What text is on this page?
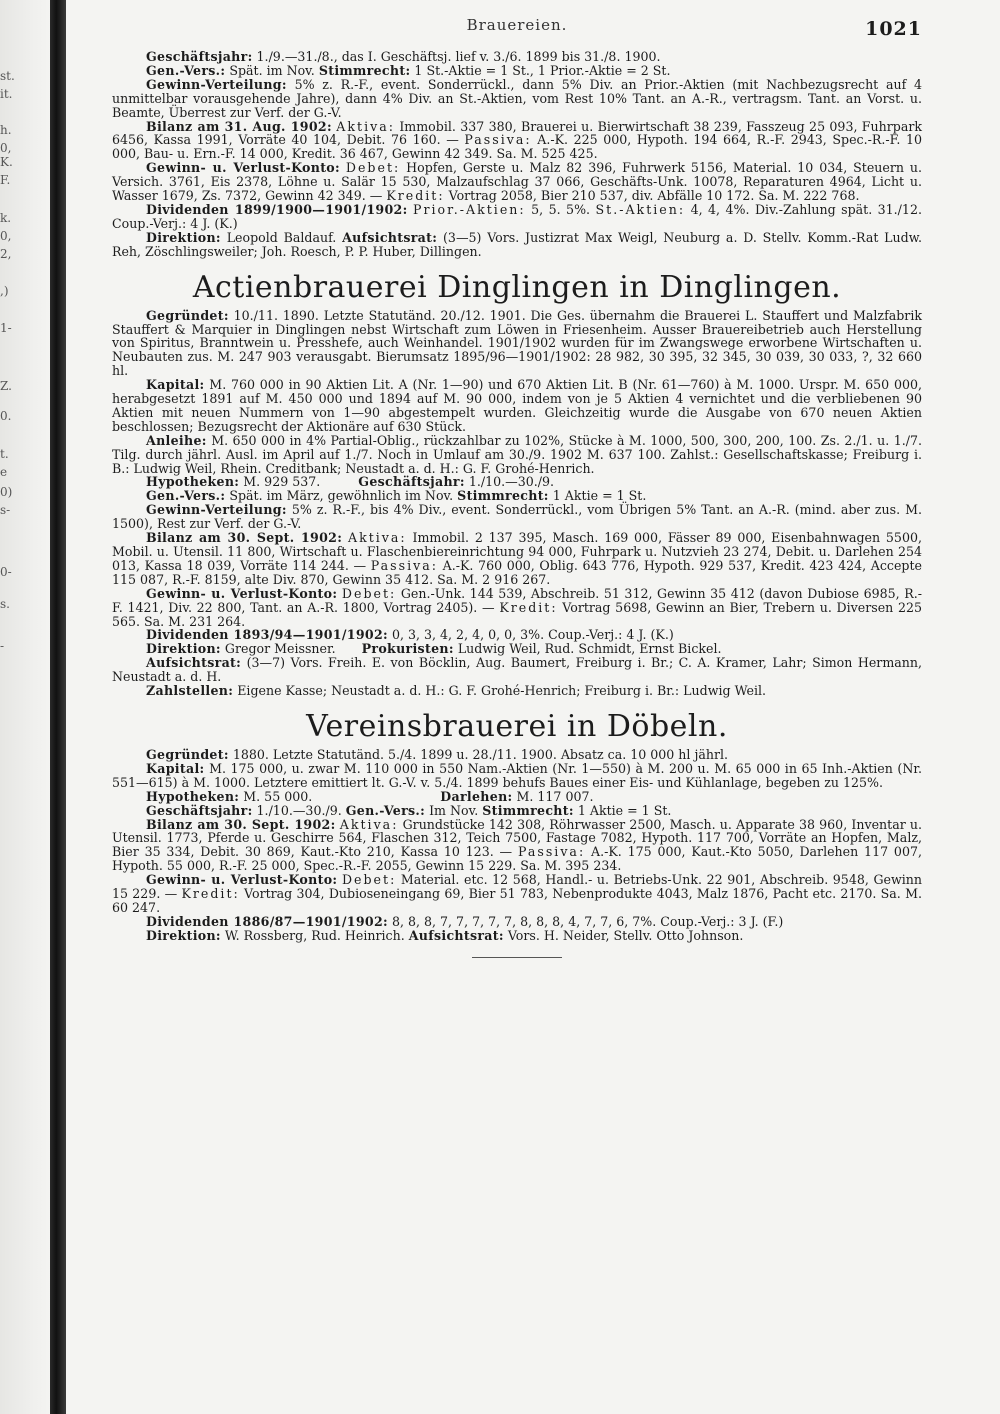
st.
it.
h.
0,
K.
F.
k.
0,
2,
,)
1-
Z.
0.
t.
e
0)
s-
0-
s.
-
Brauereien.	1021

Geschäftsjahr: 1./9.—31./8., das I. Geschäftsj. lief v. 3./6. 1899 bis 31./8. 1900.

Gen.-Vers.: Spät. im Nov. Stimmrecht: 1 St.-Aktie = 1 St., 1 Prior.-Aktie = 2 St.

Gewinn-Verteilung: 5% z. R.-F., event. Sonderrückl., dann 5% Div. an Prior.-Aktien (mit Nachbezugsrecht auf 4 unmittelbar vorausgehende Jahre), dann 4% Div. an St.-Aktien, vom Rest 10% Tant. an A.-R., vertragsm. Tant. an Vorst. u. Beamte, Überrest zur Verf. der G.-V.

Bilanz am 31. Aug. 1902: Aktiva: Immobil. 337 380, Brauerei u. Bierwirtschaft 38 239, Fasszeug 25 093, Fuhrpark 6456, Kassa 1991, Vorräte 40 104, Debit. 76 160. — Passiva: A.-K. 225 000, Hypoth. 194 664, R.-F. 2943, Spec.-R.-F. 10 000, Bau- u. Ern.-F. 14 000, Kredit. 36 467, Gewinn 42 349. Sa. M. 525 425.

Gewinn- u. Verlust-Konto: Debet: Hopfen, Gerste u. Malz 82 396, Fuhrwerk 5156, Material. 10 034, Steuern u. Versich. 3761, Eis 2378, Löhne u. Salär 15 530, Malzaufschlag 37 066, Geschäfts-Unk. 10078, Reparaturen 4964, Licht u. Wasser 1679, Zs. 7372, Gewinn 42 349. — Kredit: Vortrag 2058, Bier 210 537, div. Abfälle 10 172. Sa. M. 222 768.

Dividenden 1899/1900—1901/1902: Prior.-Aktien: 5, 5. 5%. St.-Aktien: 4, 4, 4%. Div.-Zahlung spät. 31./12. Coup.-Verj.: 4 J. (K.)

Direktion: Leopold Baldauf. Aufsichtsrat: (3—5) Vors. Justizrat Max Weigl, Neuburg a. D. Stellv. Komm.-Rat Ludw. Reh, Zöschlingsweiler; Joh. Roesch, P. P. Huber, Dillingen.

Actienbrauerei Dinglingen in Dinglingen.

Gegründet: 10./11. 1890. Letzte Statutänd. 20./12. 1901. Die Ges. übernahm die Brauerei L. Stauffert und Malzfabrik Stauffert & Marquier in Dinglingen nebst Wirtschaft zum Löwen in Friesenheim. Ausser Brauereibetrieb auch Herstellung von Spiritus, Branntwein u. Presshefe, auch Weinhandel. 1901/1902 wurden für im Zwangswege erworbene Wirtschaften u. Neubauten zus. M. 247 903 verausgabt. Bierumsatz 1895/96—1901/1902: 28 982, 30 395, 32 345, 30 039, 30 033, ?, 32 660 hl.

Kapital: M. 760 000 in 90 Aktien Lit. A (Nr. 1—90) und 670 Aktien Lit. B (Nr. 61—760) à M. 1000. Urspr. M. 650 000, herabgesetzt 1891 auf M. 450 000 und 1894 auf M. 90 000, indem von je 5 Aktien 4 vernichtet und die verbliebenen 90 Aktien mit neuen Nummern von 1—90 abgestempelt wurden. Gleichzeitig wurde die Ausgabe von 670 neuen Aktien beschlossen; Bezugsrecht der Aktionäre auf 630 Stück.

Anleihe: M. 650 000 in 4% Partial-Oblig., rückzahlbar zu 102%, Stücke à M. 1000, 500, 300, 200, 100. Zs. 2./1. u. 1./7. Tilg. durch jährl. Ausl. im April auf 1./7. Noch in Umlauf am 30./9. 1902 M. 637 100. Zahlst.: Gesellschaftskasse; Freiburg i. B.: Ludwig Weil, Rhein. Creditbank; Neustadt a. d. H.: G. F. Grohé-Henrich.

Hypotheken: M. 929 537.	Geschäftsjahr: 1./10.—30./9.

Gen.-Vers.: Spät. im März, gewöhnlich im Nov. Stimmrecht: 1 Aktie = 1 St.

Gewinn-Verteilung: 5% z. R.-F., bis 4% Div., event. Sonderrückl., vom Übrigen 5% Tant. an A.-R. (mind. aber zus. M. 1500), Rest zur Verf. der G.-V.

Bilanz am 30. Sept. 1902: Aktiva: Immobil. 2 137 395, Masch. 169 000, Fässer 89 000, Eisenbahnwagen 5500, Mobil. u. Utensil. 11 800, Wirtschaft u. Flaschenbiereinrichtung 94 000, Fuhrpark u. Nutzvieh 23 274, Debit. u. Darlehen 254 013, Kassa 18 039, Vorräte 114 244. — Passiva: A.-K. 760 000, Oblig. 643 776, Hypoth. 929 537, Kredit. 423 424, Accepte 115 087, R.-F. 8159, alte Div. 870, Gewinn 35 412. Sa. M. 2 916 267.

Gewinn- u. Verlust-Konto: Debet: Gen.-Unk. 144 539, Abschreib. 51 312, Gewinn 35 412 (davon Dubiose 6985, R.-F. 1421, Div. 22 800, Tant. an A.-R. 1800, Vortrag 2405). — Kredit: Vortrag 5698, Gewinn an Bier, Trebern u. Diversen 225 565. Sa. M. 231 264.

Dividenden 1893/94—1901/1902: 0, 3, 3, 4, 2, 4, 0, 0, 3%. Coup.-Verj.: 4 J. (K.)

Direktion: Gregor Meissner. Prokuristen: Ludwig Weil, Rud. Schmidt, Ernst Bickel.

Aufsichtsrat: (3—7) Vors. Freih. E. von Böcklin, Aug. Baumert, Freiburg i. Br.; C. A. Kramer, Lahr; Simon Hermann, Neustadt a. d. H.

Zahlstellen: Eigene Kasse; Neustadt a. d. H.: G. F. Grohé-Henrich; Freiburg i. Br.: Ludwig Weil.

Vereinsbrauerei in Döbeln.

Gegründet: 1880. Letzte Statutänd. 5./4. 1899 u. 28./11. 1900. Absatz ca. 10 000 hl jährl.

Kapital: M. 175 000, u. zwar M. 110 000 in 550 Nam.-Aktien (Nr. 1—550) à M. 200 u. M. 65 000 in 65 Inh.-Aktien (Nr. 551—615) à M. 1000. Letztere emittiert lt. G.-V. v. 5./4. 1899 behufs Baues einer Eis- und Kühlanlage, begeben zu 125%.

Hypotheken: M. 55 000.	Darlehen: M. 117 007.

Geschäftsjahr: 1./10.—30./9. Gen.-Vers.: Im Nov. Stimmrecht: 1 Aktie = 1 St.

Bilanz am 30. Sept. 1902: Aktiva: Grundstücke 142 308, Röhrwasser 2500, Masch. u. Apparate 38 960, Inventar u. Utensil. 1773, Pferde u. Geschirre 564, Flaschen 312, Teich 7500, Fastage 7082, Hypoth. 117 700, Vorräte an Hopfen, Malz, Bier 35 334, Debit. 30 869, Kaut.-Kto 210, Kassa 10 123. — Passiva: A.-K. 175 000, Kaut.-Kto 5050, Darlehen 117 007, Hypoth. 55 000, R.-F. 25 000, Spec.-R.-F. 2055, Gewinn 15 229. Sa. M. 395 234.

Gewinn- u. Verlust-Konto: Debet: Material. etc. 12 568, Handl.- u. Betriebs-Unk. 22 901, Abschreib. 9548, Gewinn 15 229. — Kredit: Vortrag 304, Dubioseneingang 69, Bier 51 783, Nebenprodukte 4043, Malz 1876, Pacht etc. 2170. Sa. M. 60 247.

Dividenden 1886/87—1901/1902: 8, 8, 8, 7, 7, 7, 7, 7, 8, 8, 8, 4, 7, 7, 6, 7%. Coup.-Verj.: 3 J. (F.)

Direktion: W. Rossberg, Rud. Heinrich. Aufsichtsrat: Vors. H. Neider, Stellv. Otto Johnson.
